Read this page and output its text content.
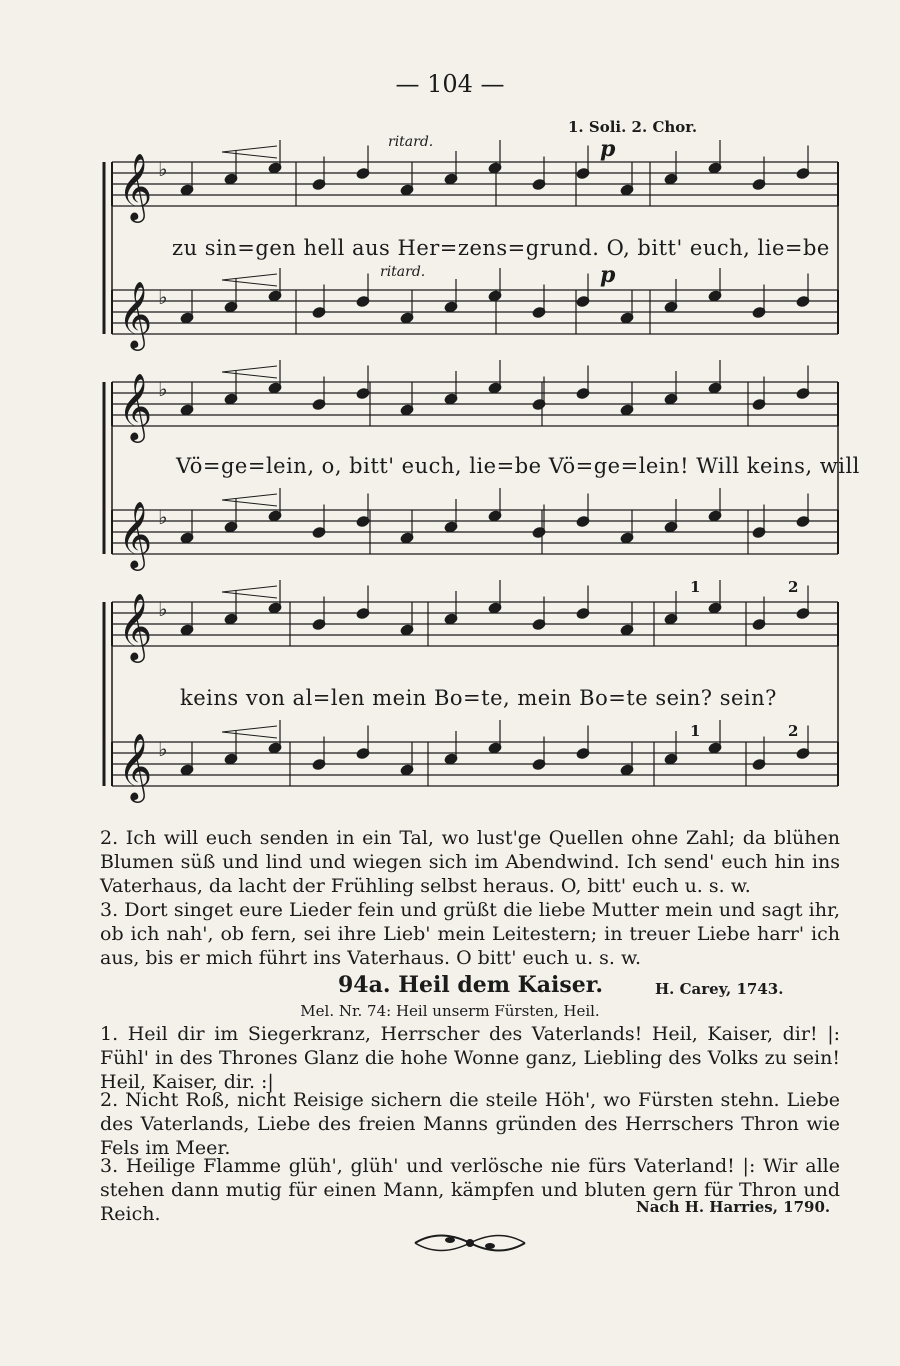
— 104 —
𝄞 ♭
𝄞 ♭
𝄞 ♭
𝄞 ♭
𝄞 ♭
𝄞 ♭
1. Soli. 2. Chor.
ritard.
ritard.
p
p
1	2
1	2
zu sin=gen hell aus Her=zens=grund. O, bitt' euch, lie=be
Vö=ge=lein, o, bitt' euch, lie=be Vö=ge=lein! Will keins, will
keins von al=len mein Bo=te, mein Bo=te sein? sein?
2. Ich will euch senden in ein Tal, wo lust'ge Quellen ohne Zahl; da blühen Blumen süß und lind und wiegen sich im Abendwind. Ich send' euch hin ins Vaterhaus, da lacht der Frühling selbst heraus. O, bitt' euch u. s. w.
3. Dort singet eure Lieder fein und grüßt die liebe Mutter mein und sagt ihr, ob ich nah', ob fern, sei ihre Lieb' mein Leitestern; in treuer Liebe harr' ich aus, bis er mich führt ins Vaterhaus. O bitt' euch u. s. w.
94a. Heil dem Kaiser.	H. Carey, 1743.
Mel. Nr. 74: Heil unserm Fürsten, Heil.
1. Heil dir im Siegerkranz, Herrscher des Vaterlands! Heil, Kaiser, dir! |: Fühl' in des Thrones Glanz die hohe Wonne ganz, Liebling des Volks zu sein! Heil, Kaiser, dir. :|
2. Nicht Roß, nicht Reisige sichern die steile Höh', wo Fürsten stehn. Liebe des Vaterlands, Liebe des freien Manns gründen des Herrschers Thron wie Fels im Meer.
3. Heilige Flamme glüh', glüh' und verlösche nie fürs Vaterland! |: Wir alle stehen dann mutig für einen Mann, kämpfen und bluten gern für Thron und Reich.	Nach H. Harries, 1790.
